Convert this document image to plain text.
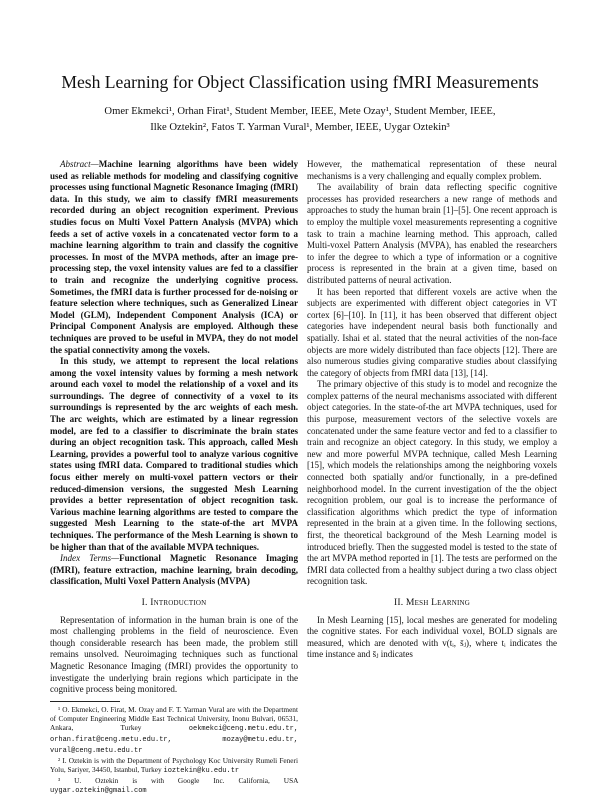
Mesh Learning for Object Classification using fMRI Measurements
Omer Ekmekci¹, Orhan Firat¹, Student Member, IEEE, Mete Ozay¹, Student Member, IEEE,
Ilke Oztekin², Fatos T. Yarman Vural¹, Member, IEEE, Uygar Oztekin³

Abstract—Machine learning algorithms have been widely used as reliable methods for modeling and classifying cognitive processes using functional Magnetic Resonance Imaging (fMRI) data. In this study, we aim to classify fMRI measurements recorded during an object recognition experiment. Previous studies focus on Multi Voxel Pattern Analysis (MVPA) which feeds a set of active voxels in a concatenated vector form to a machine learning algorithm to train and classify the cognitive processes. In most of the MVPA methods, after an image pre-processing step, the voxel intensity values are fed to a classifier to train and recognize the underlying cognitive process. Sometimes, the fMRI data is further processed for de-noising or feature selection where techniques, such as Generalized Linear Model (GLM), Independent Component Analysis (ICA) or Principal Component Analysis are employed. Although these techniques are proved to be useful in MVPA, they do not model the spatial connectivity among the voxels.

In this study, we attempt to represent the local relations among the voxel intensity values by forming a mesh network around each voxel to model the relationship of a voxel and its surroundings. The degree of connectivity of a voxel to its surroundings is represented by the arc weights of each mesh. The arc weights, which are estimated by a linear regression model, are fed to a classifier to discriminate the brain states during an object recognition task. This approach, called Mesh Learning, provides a powerful tool to analyze various cognitive states using fMRI data. Compared to traditional studies which focus either merely on multi-voxel pattern vectors or their reduced-dimension versions, the suggested Mesh Learning provides a better representation of object recognition task. Various machine learning algorithms are tested to compare the suggested Mesh Learning to the state-of-the art MVPA techniques. The performance of the Mesh Learning is shown to be higher than that of the available MVPA techniques.

Index Terms—Functional Magnetic Resonance Imaging (fMRI), feature extraction, machine learning, brain decoding, classification, Multi Voxel Pattern Analysis (MVPA)

I. Introduction

Representation of information in the human brain is one of the most challenging problems in the field of neuroscience. Even though considerable research has been made, the problem still remains unsolved. Neuroimaging techniques such as functional Magnetic Resonance Imaging (fMRI) provides the opportunity to investigate the underlying brain regions which participate in the cognitive process being monitored.

¹ O. Ekmekci, O. Firat, M. Ozay and F. T. Yarman Vural are with the Department of Computer Engineering Middle East Technical University, Inonu Bulvari, 06531, Ankara, Turkey	oekmekci@ceng.metu.edu.tr, orhan.firat@ceng.metu.edu.tr,	mozay@metu.edu.tr, vural@ceng.metu.edu.tr

² I. Oztekin is with the Department of Psychology Koc University Rumeli Feneri Yolu, Sariyer, 34450, Istanbul, Turkey ioztekin@ku.edu.tr

³ U. Oztekin is with Google Inc. California, USA uygar.oztekin@gmail.com

However, the mathematical representation of these neural mechanisms is a very challenging and equally complex problem.

The availability of brain data reflecting specific cognitive processes has provided researchers a new range of methods and approaches to study the human brain [1]–[5]. One recent approach is to employ the multiple voxel measurements representing a cognitive task to train a machine learning method. This approach, called Multi-voxel Pattern Analysis (MVPA), has enabled the researchers to infer the degree to which a type of information or a cognitive process is represented in the brain at a given time, based on distributed patterns of neural activation.

It has been reported that different voxels are active when the subjects are experimented with different object categories in VT cortex [6]–[10]. In [11], it has been observed that different object categories have independent neural basis both functionally and spatially. Ishai et al. stated that the neural activities of the non-face objects are more widely distributed than face objects [12]. There are also numerous studies giving comparative studies about classifying the category of objects from fMRI data [13], [14].

The primary objective of this study is to model and recognize the complex patterns of the neural mechanisms associated with different object categories. In the state-of-the art MVPA techniques, used for this purpose, measurement vectors of the selective voxels are concatenated under the same feature vector and fed to a classifier to train and recognize an object category. In this study, we employ a new and more powerful MVPA technique, called Mesh Learning [15], which models the relationships among the neighboring voxels connected both spatially and/or functionally, in a pre-defined neighborhood model. In the current investigation of the the object recognition problem, our goal is to increase the performance of classification algorithms which predict the type of information represented in the brain at a given time. In the following sections, first, the theoretical background of the Mesh Learning model is introduced briefly. Then the suggested model is tested to the state of the art MVPA method reported in [1]. The tests are performed on the fMRI data collected from a healthy subject during a two class object recognition task.

II. Mesh Learning

In Mesh Learning [15], local meshes are generated for modeling the cognitive states. For each individual voxel, BOLD signals are measured, which are denoted with v(tᵢ, s̄ⱼ), where tᵢ indicates the time instance and s̄ⱼ indicates
